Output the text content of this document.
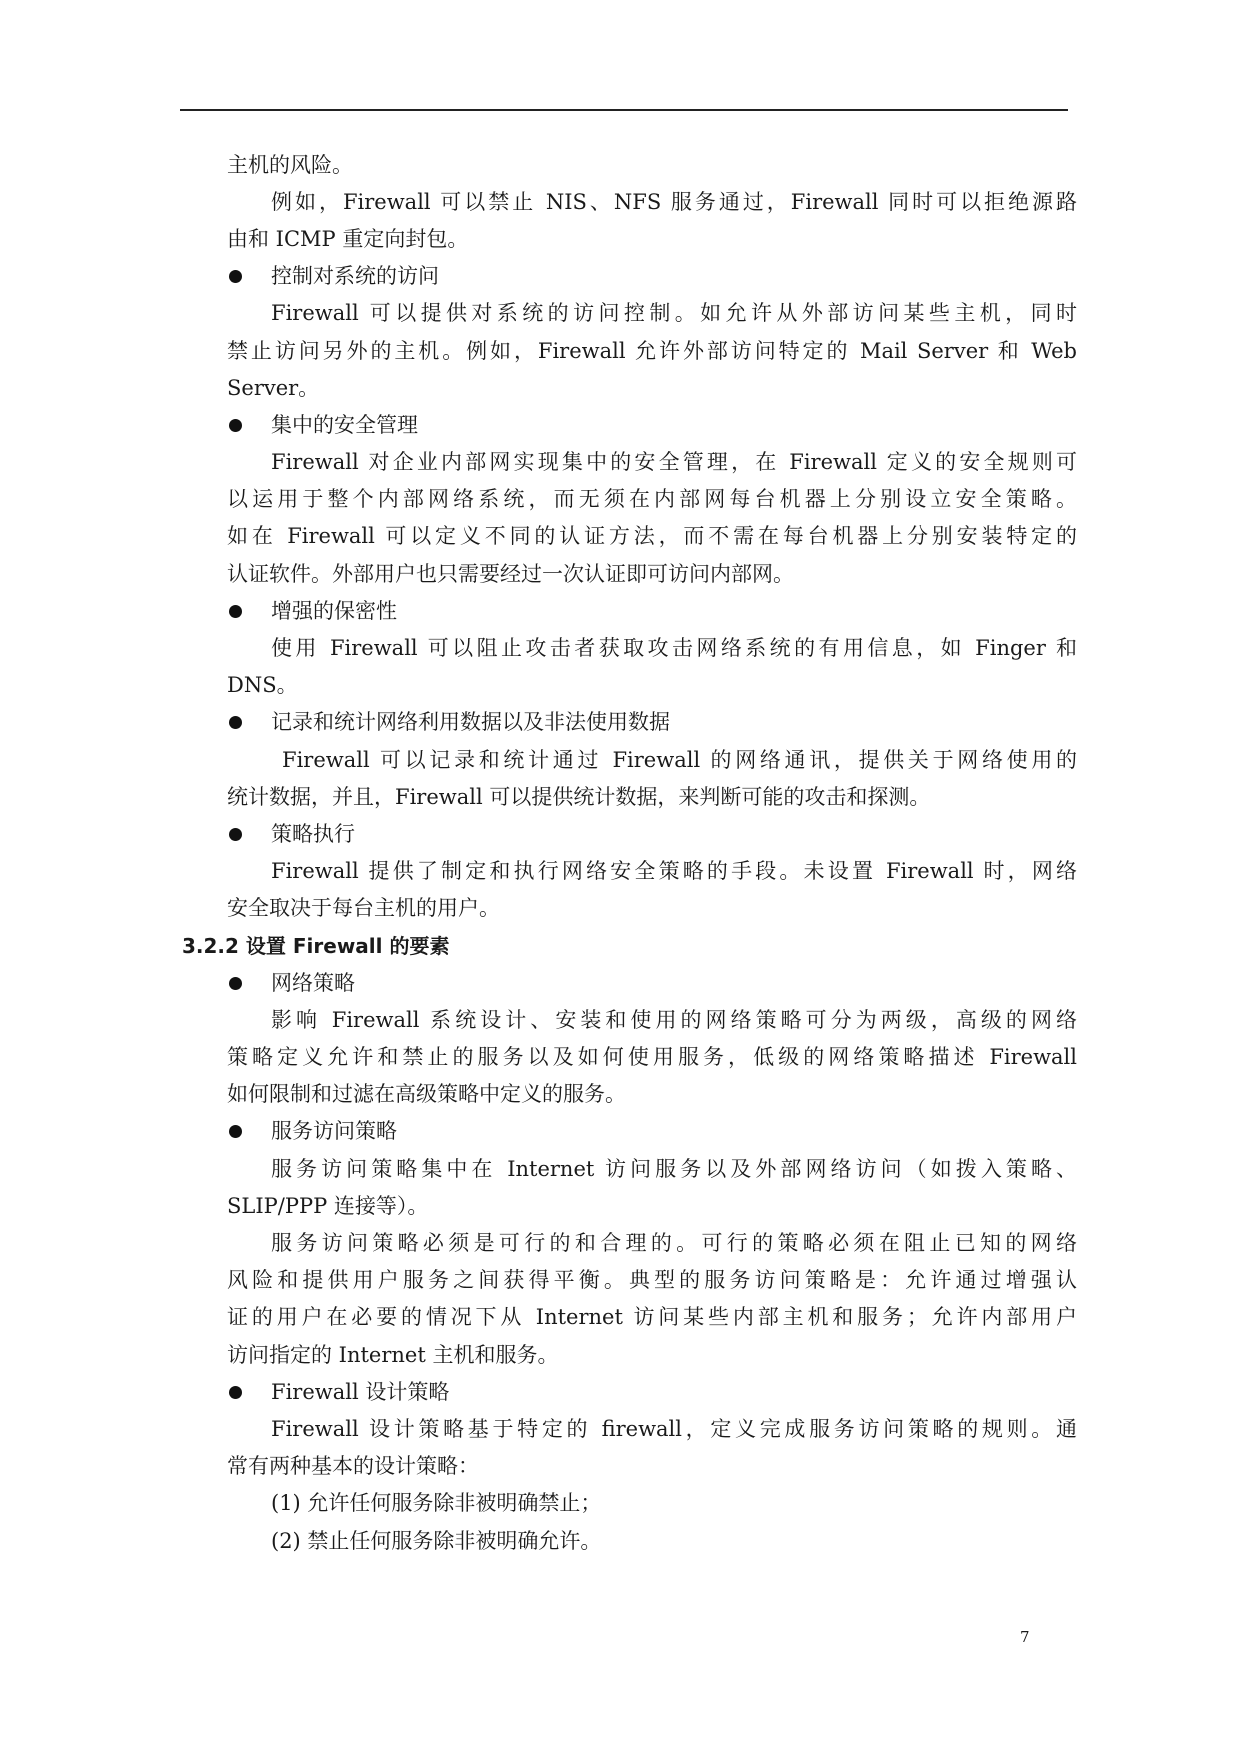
主机的风险。
例如，Firewall 可以禁止 NIS、NFS 服务通过，Firewall 同时可以拒绝源路
由和 ICMP 重定向封包。
控制对系统的访问
Firewall 可以提供对系统的访问控制。如允许从外部访问某些主机，同时
禁止访问另外的主机。例如，Firewall 允许外部访问特定的 Mail Server 和 Web
Server。
集中的安全管理
Firewall 对企业内部网实现集中的安全管理，在 Firewall 定义的安全规则可
以运用于整个内部网络系统，而无须在内部网每台机器上分别设立安全策略。
如在 Firewall 可以定义不同的认证方法，而不需在每台机器上分别安装特定的
认证软件。外部用户也只需要经过一次认证即可访问内部网。
增强的保密性
使用 Firewall 可以阻止攻击者获取攻击网络系统的有用信息，如 Finger 和
DNS。
记录和统计网络利用数据以及非法使用数据
Firewall 可以记录和统计通过 Firewall 的网络通讯，提供关于网络使用的
统计数据，并且，Firewall 可以提供统计数据，来判断可能的攻击和探测。
策略执行
Firewall 提供了制定和执行网络安全策略的手段。未设置 Firewall 时，网络
安全取决于每台主机的用户。
3.2.2 设置 Firewall 的要素
网络策略
影响 Firewall 系统设计、安装和使用的网络策略可分为两级，高级的网络
策略定义允许和禁止的服务以及如何使用服务，低级的网络策略描述 Firewall
如何限制和过滤在高级策略中定义的服务。
服务访问策略
服务访问策略集中在 Internet 访问服务以及外部网络访问（如拨入策略、
SLIP/PPP 连接等）。
服务访问策略必须是可行的和合理的。可行的策略必须在阻止已知的网络
风险和提供用户服务之间获得平衡。典型的服务访问策略是：允许通过增强认
证的用户在必要的情况下从 Internet 访问某些内部主机和服务；允许内部用户
访问指定的 Internet 主机和服务。
Firewall 设计策略
Firewall 设计策略基于特定的 firewall，定义完成服务访问策略的规则。通
常有两种基本的设计策略：
(1) 允许任何服务除非被明确禁止；
(2) 禁止任何服务除非被明确允许。
7
